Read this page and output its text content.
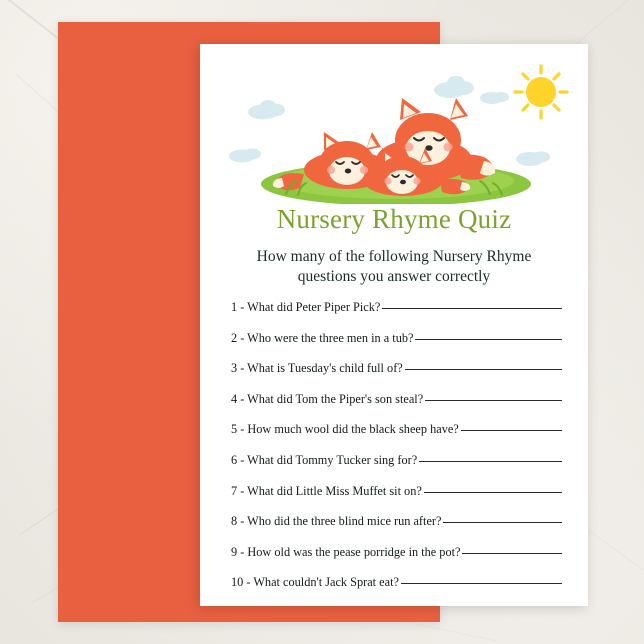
Nursery Rhyme Quiz
How many of the following Nursery Rhyme
questions you answer correctly
1 - What did Peter Piper Pick?
2 - Who were the three men in a tub?
3 - What is Tuesday's child full of?
4 - What did Tom the Piper's son steal?
5 - How much wool did the black sheep have?
6 - What did Tommy Tucker sing for?
7 - What did Little Miss Muffet sit on?
8 - Who did the three blind mice run after?
9 - How old was the pease porridge in the pot?
10 - What couldn't Jack Sprat eat?
